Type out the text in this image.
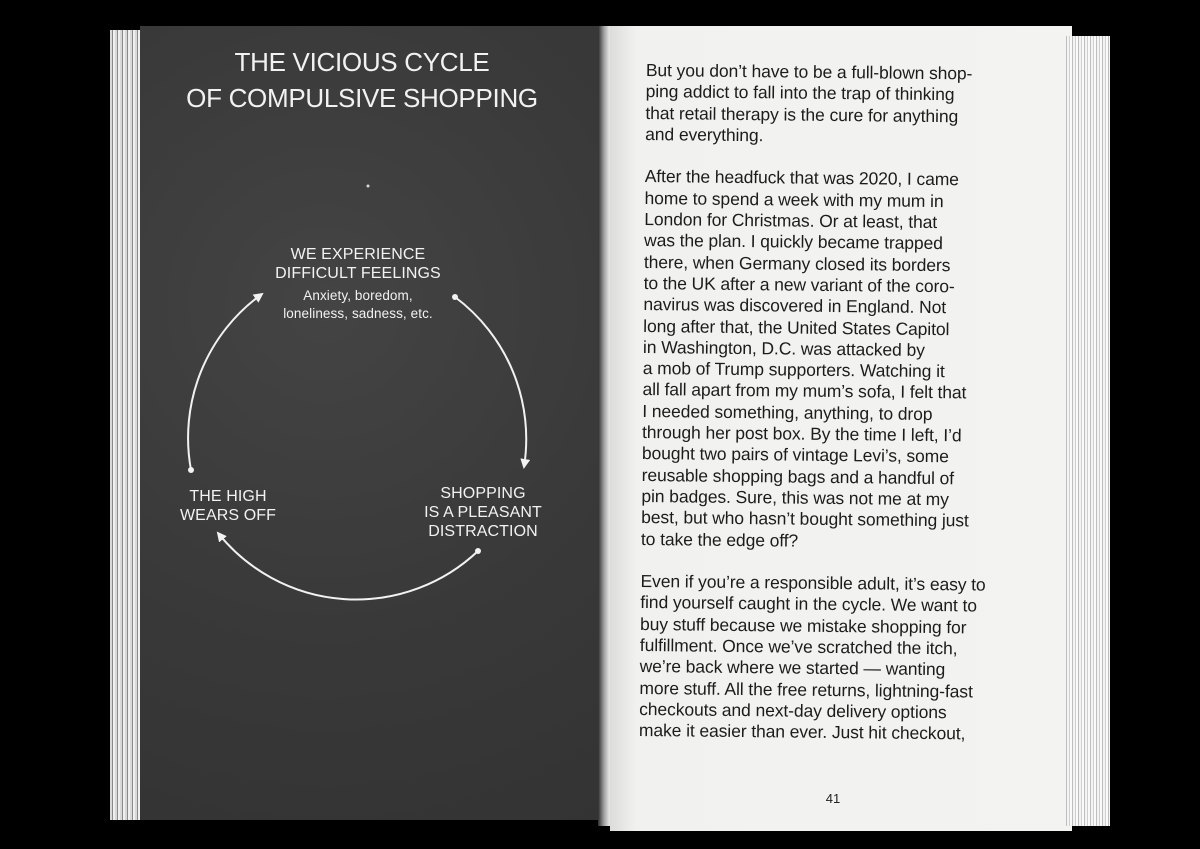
THE VICIOUS CYCLE
OF COMPULSIVE SHOPPING
WE EXPERIENCE
DIFFICULT FEELINGS
Anxiety, boredom,
loneliness, sadness, etc.
SHOPPING
IS A PLEASANT
DISTRACTION
THE HIGH
WEARS OFF

But you don’t have to be a full-blown shop-
ping addict to fall into the trap of thinking
that retail therapy is the cure for anything
and everything.

After the headfuck that was 2020, I came
home to spend a week with my mum in
London for Christmas. Or at least, that
was the plan. I quickly became trapped
there, when Germany closed its borders
to the UK after a new variant of the coro-
navirus was discovered in England. Not
long after that, the United States Capitol
in Washington, D.C. was attacked by
a mob of Trump supporters. Watching it
all fall apart from my mum’s sofa, I felt that
I needed something, anything, to drop
through her post box. By the time I left, I’d
bought two pairs of vintage Levi’s, some
reusable shopping bags and a handful of
pin badges. Sure, this was not me at my
best, but who hasn’t bought something just
to take the edge off?

Even if you’re a responsible adult, it’s easy to
find yourself caught in the cycle. We want to
buy stuff because we mistake shopping for
fulfillment. Once we’ve scratched the itch,
we’re back where we started — wanting
more stuff. All the free returns, lightning-fast
checkouts and next-day delivery options
make it easier than ever. Just hit checkout,

41
